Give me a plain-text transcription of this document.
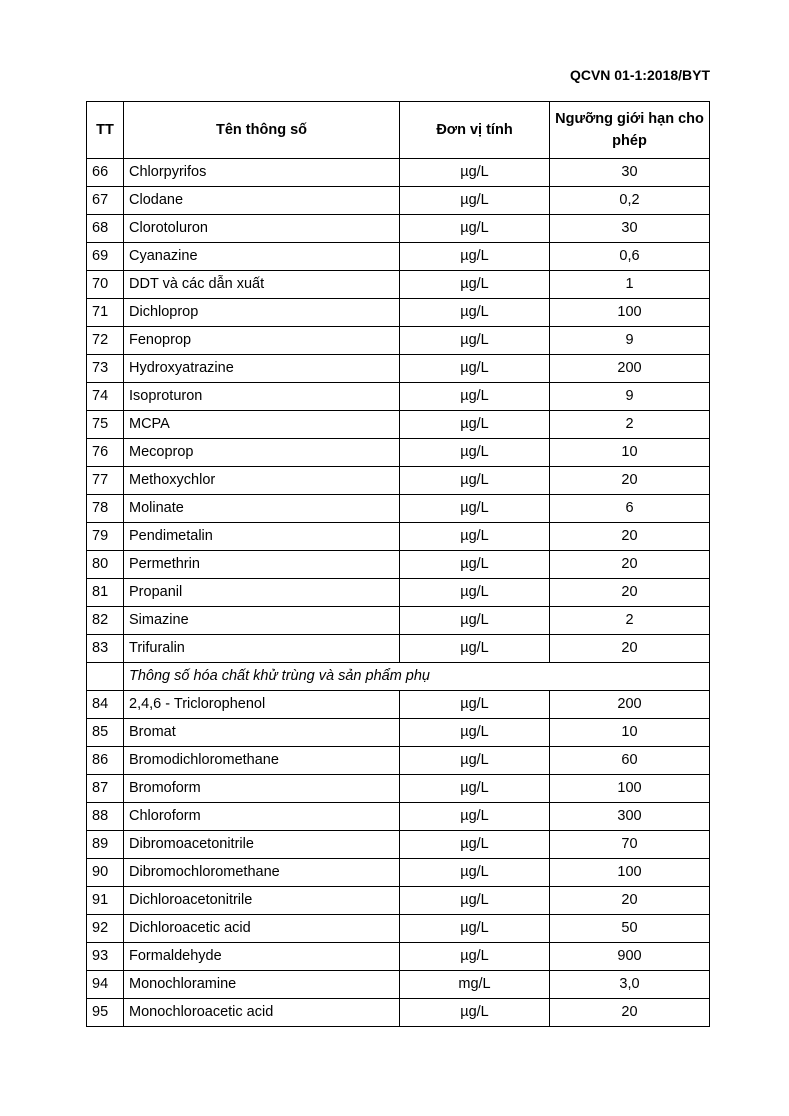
QCVN 01-1:2018/BYT
TT	Tên thông số	Đơn vị tính	Ngưỡng giới hạn cho phép
66	Chlorpyrifos	µg/L	30
67	Clodane	µg/L	0,2
68	Clorotoluron	µg/L	30
69	Cyanazine	µg/L	0,6
70	DDT và các dẫn xuất	µg/L	1
71	Dichloprop	µg/L	100
72	Fenoprop	µg/L	9
73	Hydroxyatrazine	µg/L	200
74	Isoproturon	µg/L	9
75	MCPA	µg/L	2
76	Mecoprop	µg/L	10
77	Methoxychlor	µg/L	20
78	Molinate	µg/L	6
79	Pendimetalin	µg/L	20
80	Permethrin	µg/L	20
81	Propanil	µg/L	20
82	Simazine	µg/L	2
83	Trifuralin	µg/L	20
	Thông số hóa chất khử trùng và sản phẩm phụ		
84	2,4,6 - Triclorophenol	µg/L	200
85	Bromat	µg/L	10
86	Bromodichloromethane	µg/L	60
87	Bromoform	µg/L	100
88	Chloroform	µg/L	300
89	Dibromoacetonitrile	µg/L	70
90	Dibromochloromethane	µg/L	100
91	Dichloroacetonitrile	µg/L	20
92	Dichloroacetic acid	µg/L	50
93	Formaldehyde	µg/L	900
94	Monochloramine	mg/L	3,0
95	Monochloroacetic acid	µg/L	20
